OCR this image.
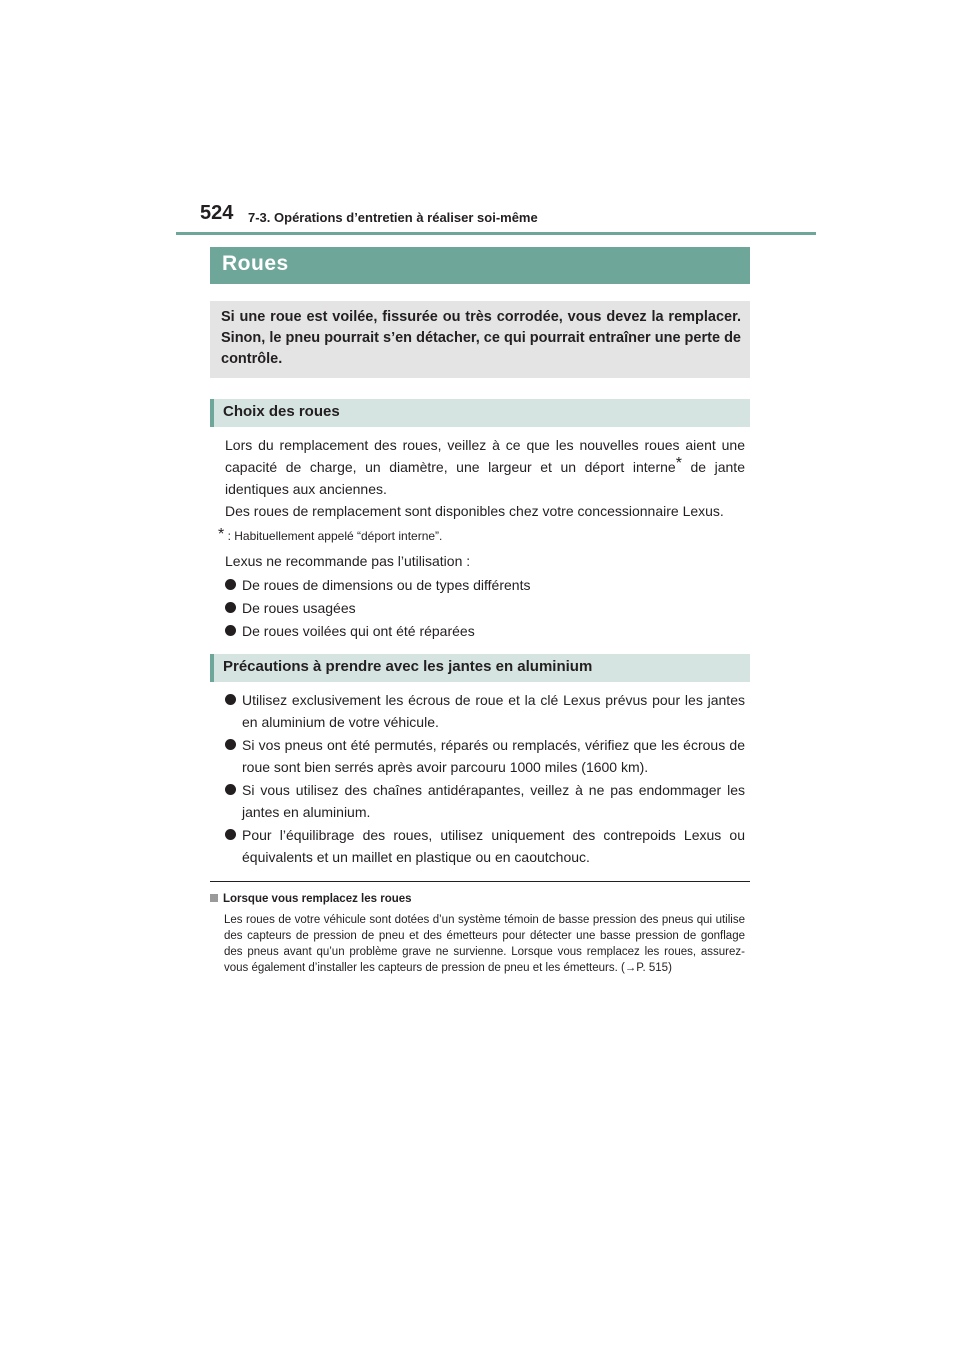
524 7-3. Opérations d’entretien à réaliser soi-même
Roues
Si une roue est voilée, fissurée ou très corrodée, vous devez la remplacer. Sinon, le pneu pourrait s’en détacher, ce qui pourrait entraîner une perte de contrôle.
Choix des roues
Lors du remplacement des roues, veillez à ce que les nouvelles roues aient une capacité de charge, un diamètre, une largeur et un déport interne* de jante identiques aux anciennes.
Des roues de remplacement sont disponibles chez votre concessionnaire Lexus.
* : Habituellement appelé “déport interne”.
Lexus ne recommande pas l’utilisation :
De roues de dimensions ou de types différents
De roues usagées
De roues voilées qui ont été réparées
Précautions à prendre avec les jantes en aluminium
Utilisez exclusivement les écrous de roue et la clé Lexus prévus pour les jantes en aluminium de votre véhicule.
Si vos pneus ont été permutés, réparés ou remplacés, vérifiez que les écrous de roue sont bien serrés après avoir parcouru 1000 miles (1600 km).
Si vous utilisez des chaînes antidérapantes, veillez à ne pas endommager les jantes en aluminium.
Pour l’équilibrage des roues, utilisez uniquement des contrepoids Lexus ou équivalents et un maillet en plastique ou en caoutchouc.
Lorsque vous remplacez les roues
Les roues de votre véhicule sont dotées d’un système témoin de basse pression des pneus qui utilise des capteurs de pression de pneu et des émetteurs pour détecter une basse pression de gonflage des pneus avant qu’un problème grave ne survienne. Lorsque vous remplacez les roues, assurez-vous également d’installer les capteurs de pression de pneu et les émetteurs. (→P. 515)
